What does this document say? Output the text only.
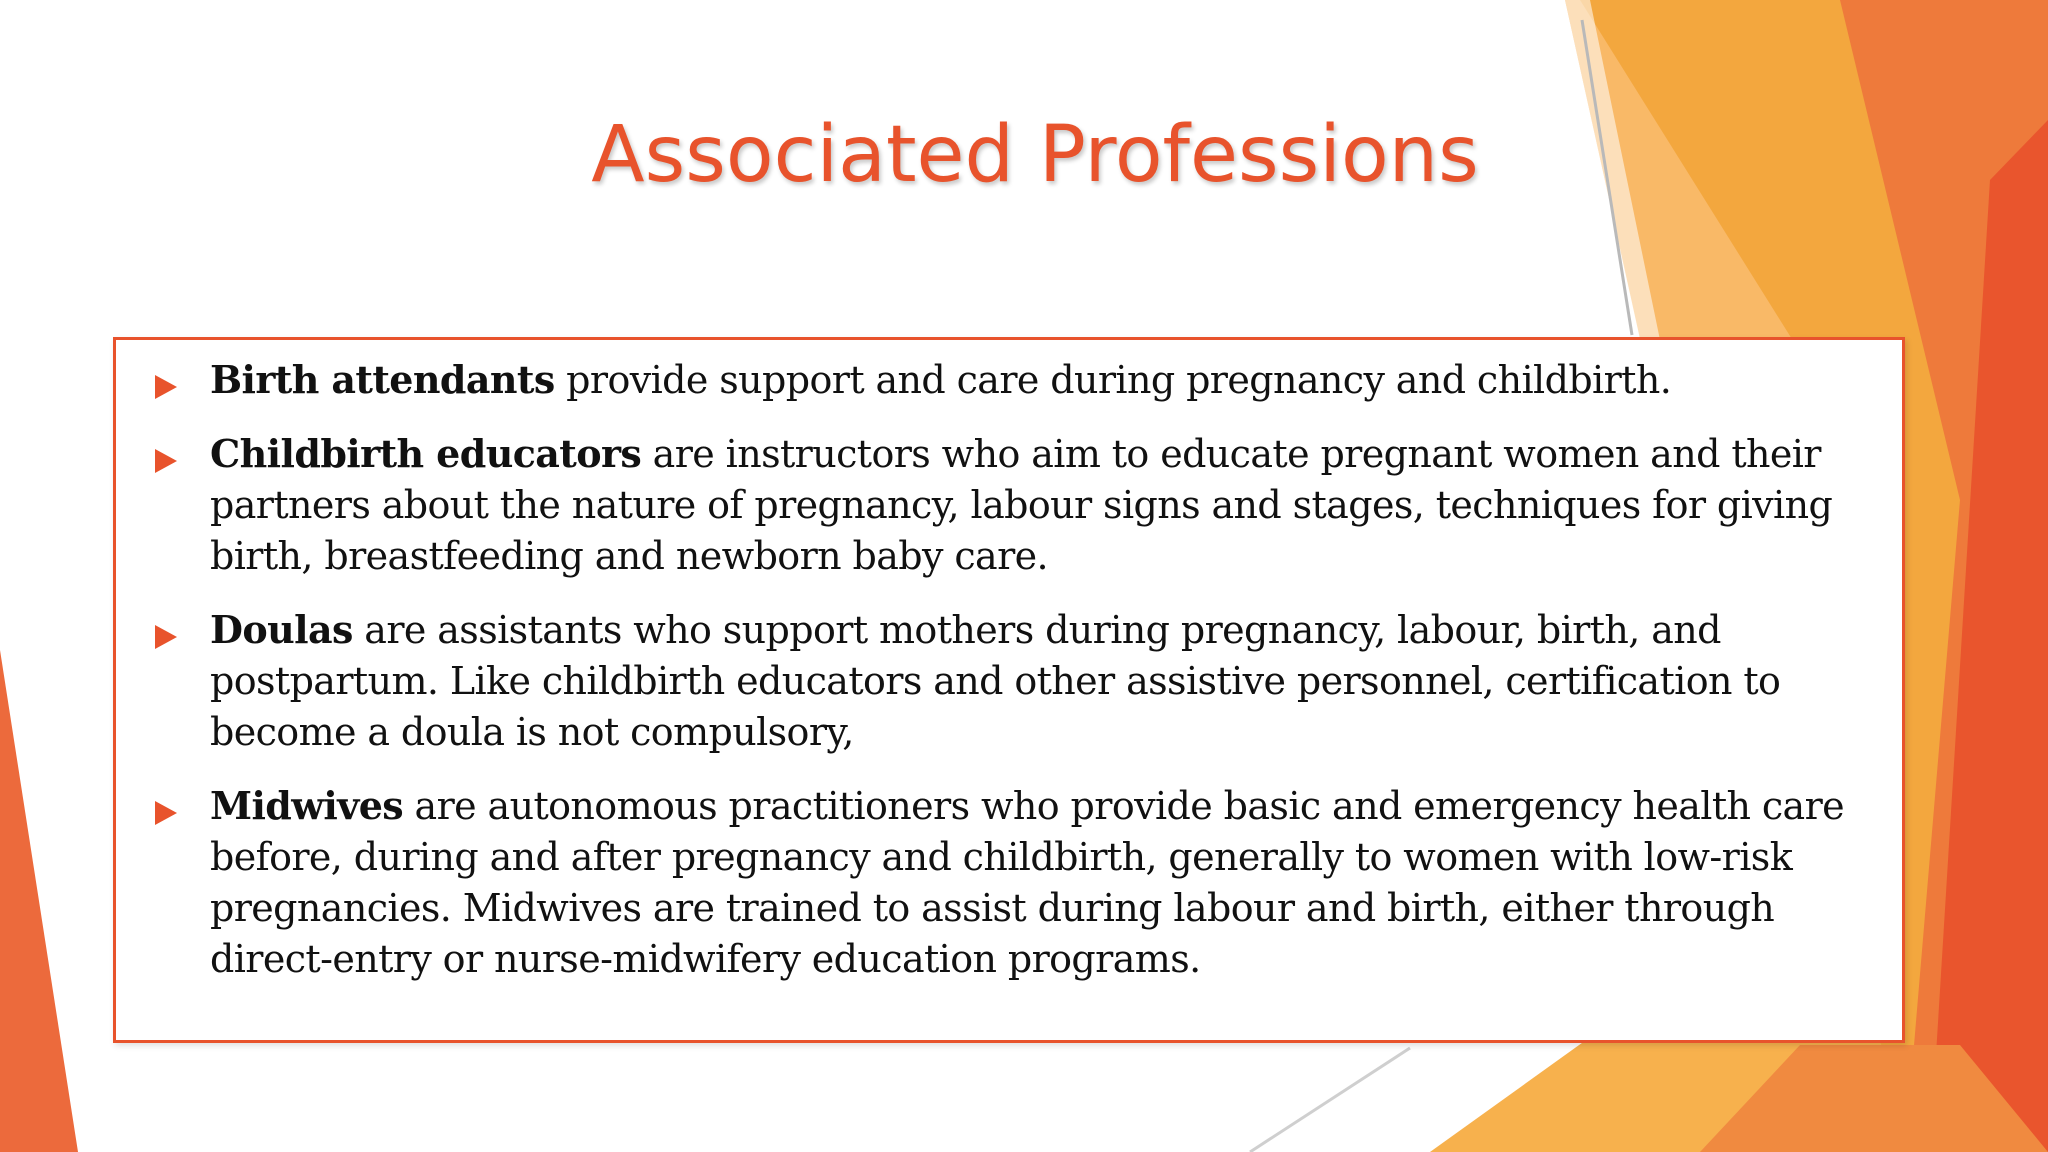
Associated Professions
Birth attendants provide support and care during pregnancy and childbirth.
Childbirth educators are instructors who aim to educate pregnant women and their partners about the nature of pregnancy, labour signs and stages, techniques for giving birth, breastfeeding and newborn baby care.
Doulas are assistants who support mothers during pregnancy, labour, birth, and postpartum. Like childbirth educators and other assistive personnel, certification to become a doula is not compulsory,
Midwives are autonomous practitioners who provide basic and emergency health care before, during and after pregnancy and childbirth, generally to women with low-risk pregnancies. Midwives are trained to assist during labour and birth, either through direct-entry or nurse-midwifery education programs.
